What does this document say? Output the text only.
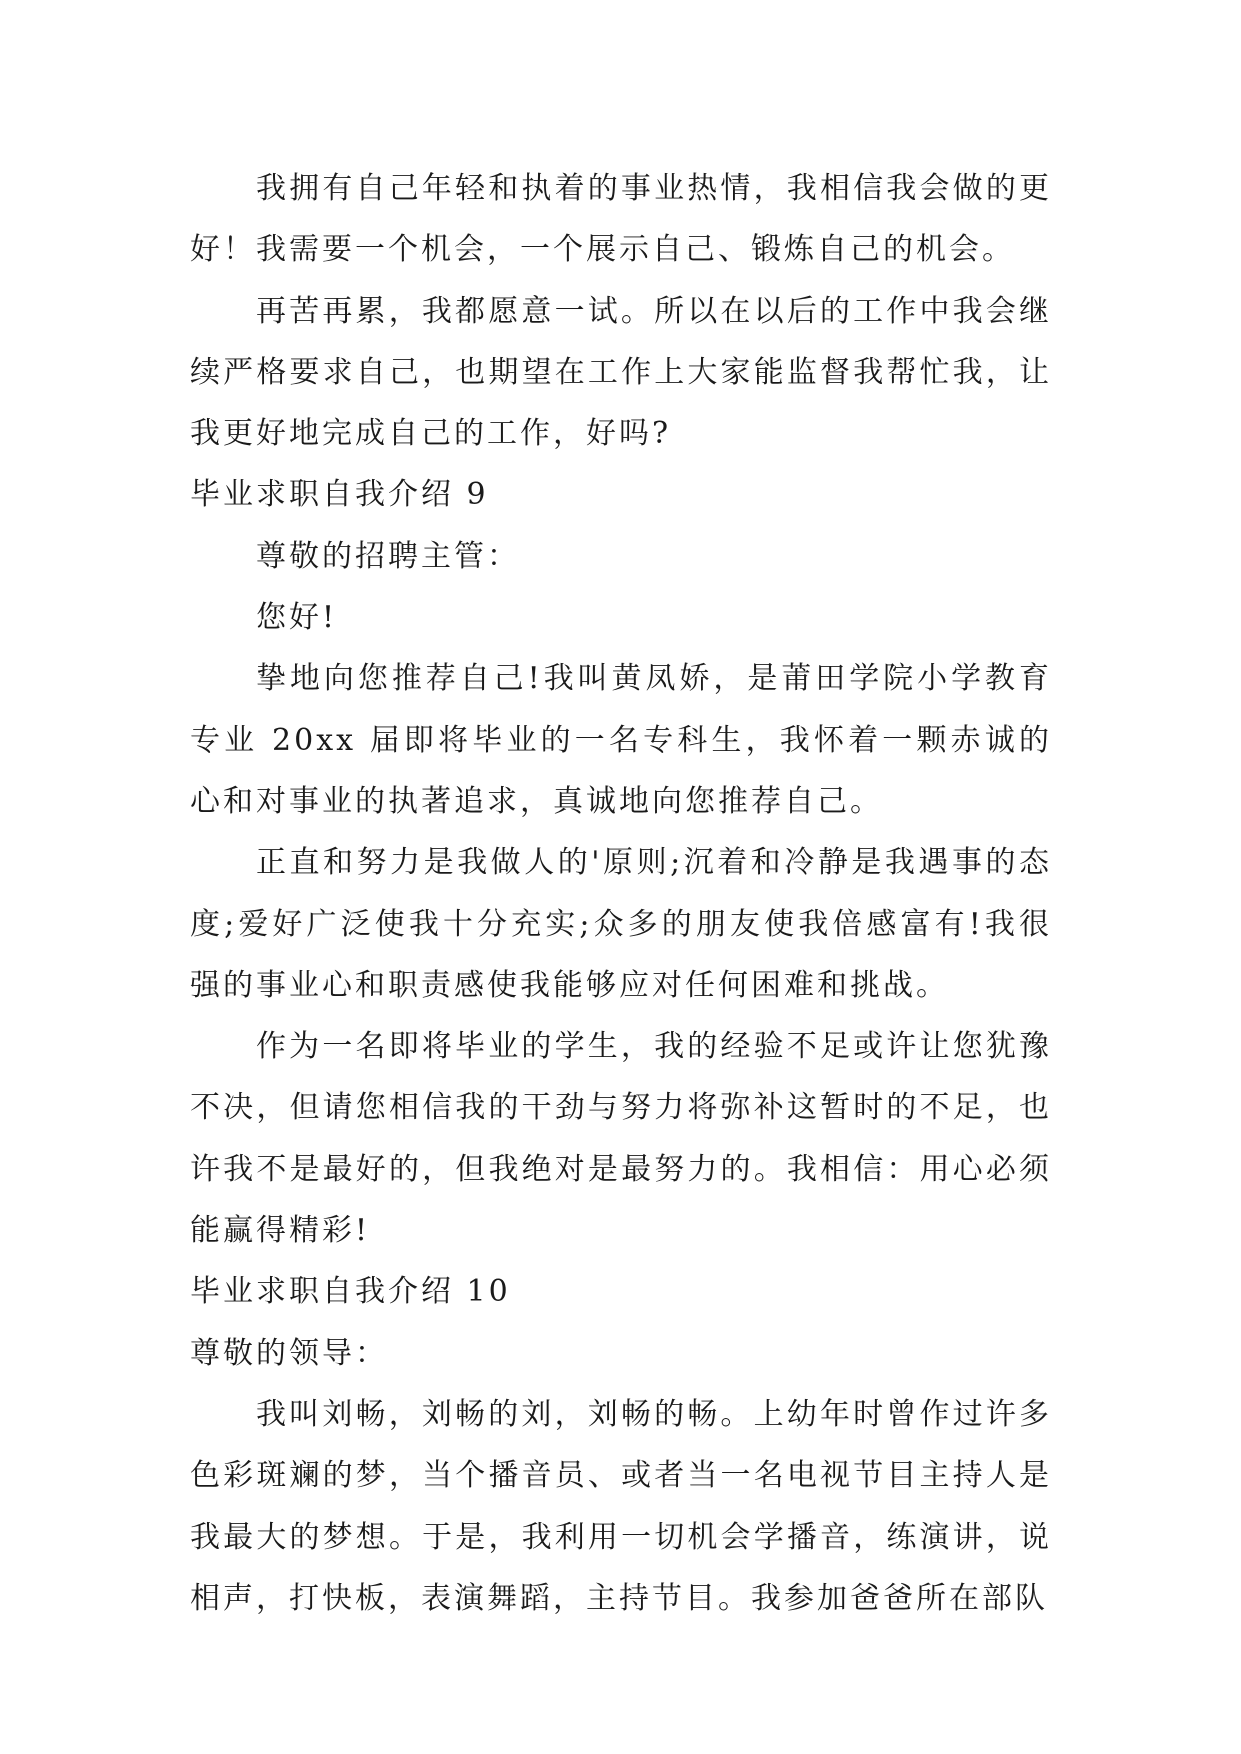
我拥有自己年轻和执着的事业热情，我相信我会做的更好！我需要一个机会，一个展示自己、锻炼自己的机会。

再苦再累，我都愿意一试。所以在以后的工作中我会继续严格要求自己，也期望在工作上大家能监督我帮忙我，让我更好地完成自己的工作，好吗?

毕业求职自我介绍 9

尊敬的招聘主管：

您好!

挚地向您推荐自己!我叫黄凤娇，是莆田学院小学教育专业 20xx 届即将毕业的一名专科生，我怀着一颗赤诚的心和对事业的执著追求，真诚地向您推荐自己。

正直和努力是我做人的'原则;沉着和冷静是我遇事的态度;爱好广泛使我十分充实;众多的朋友使我倍感富有!我很强的事业心和职责感使我能够应对任何困难和挑战。

作为一名即将毕业的学生，我的经验不足或许让您犹豫不决，但请您相信我的干劲与努力将弥补这暂时的不足，也许我不是最好的，但我绝对是最努力的。我相信：用心必须能赢得精彩!

毕业求职自我介绍 10

尊敬的领导：

我叫刘畅，刘畅的刘，刘畅的畅。上幼年时曾作过许多色彩斑斓的梦，当个播音员、或者当一名电视节目主持人是我最大的梦想。于是，我利用一切机会学播音，练演讲，说相声，打快板，表演舞蹈，主持节目。我参加爸爸所在部队
